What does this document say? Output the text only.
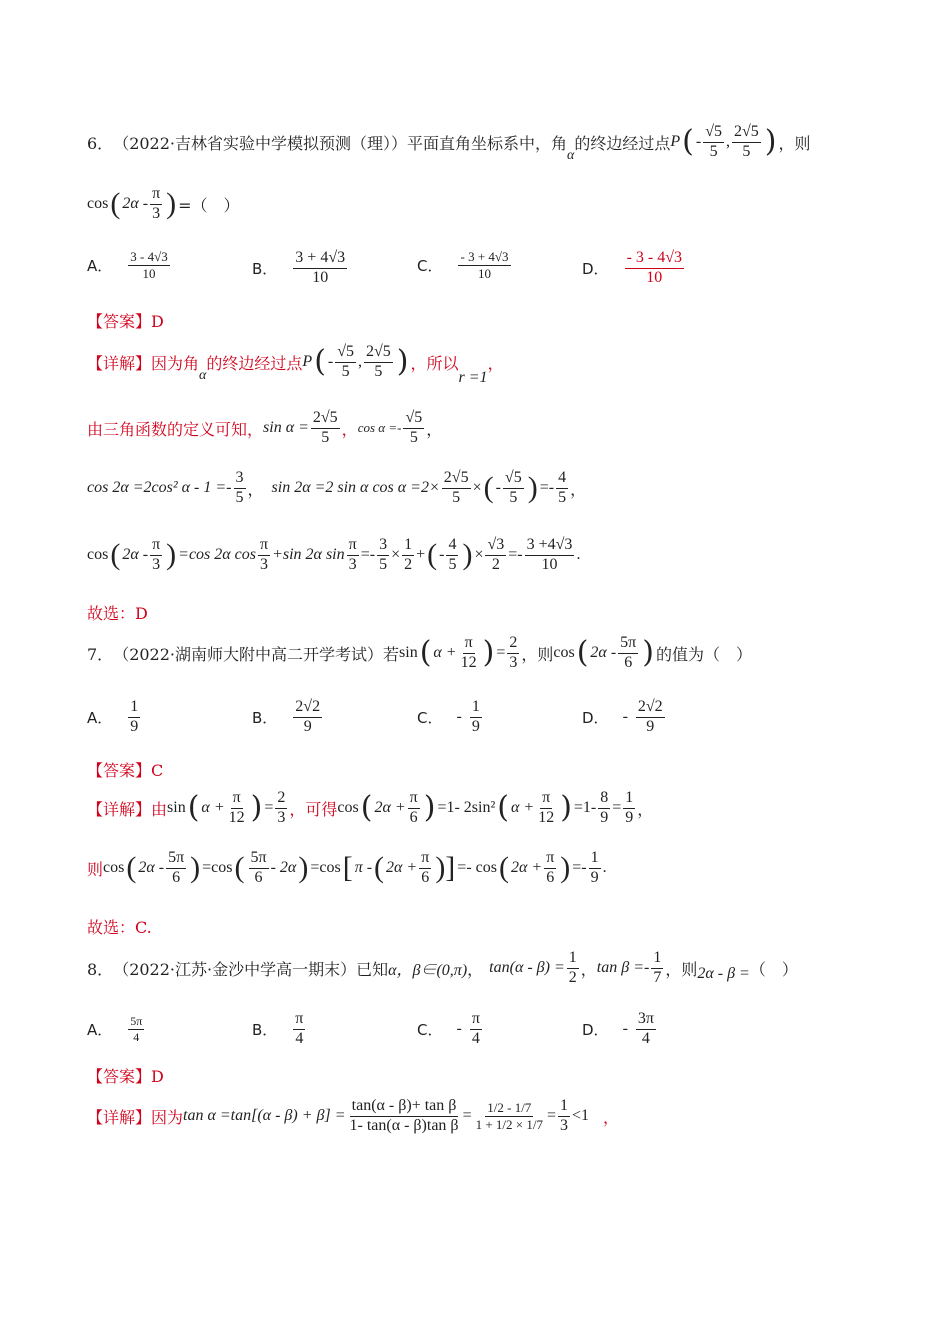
6． （2022·吉林省实验中学模拟预测（理）） 平面直角坐标系中，角
α
的终边经过点 P ( -
√5
5
,
2√5
5 ) ，则
cos ( 2α -
π
3 ) =（　）
A．
3 - 4√3
10	B．
3 + 4√3
10
C．
- 3 + 4√3
10	D．
- 3 - 4√3
10
【答案】D
【详解】 因为角
α
的终边经过点 P ( -
√5
5
,
2√5
5 ) ，所以
r =1
，
由三角函数的定义可知， $\sin \alpha = \frac{2√5}{5}$ ， cos α =-
√5
5 ，
cos 2α =2cos² α - 1 =-
3
5 ， sin 2α =2 sin α $\cos \alpha =2\times \frac{2√5}{5}$ × ( -
√5
5 ) =-
4
5 ，
cos ( 2α -
π
3 ) =cos 2α cos
π
3
+sin 2α $\sin \frac{\pi}{3} =- \frac{3}{5} \times \frac{1}{2}$ + ( -
4
5 ) × $\frac{√3}{2}$ =-
3 +4√3
10
.
故选：D
7． （2022·湖南师大附中高二开学考试） 若 sin ( $\alpha + \frac{\pi}{12}$ ) = $\frac{2}{3}$ ，则 cos ( 2α -
5π
6 ) 的值为（　）
A．
1
9	B．
2√2
9	C． -
1
9	D． -
2√2
9
【答案】C
【详解】 由 sin ( $\alpha + \frac{\pi}{12}$ ) = $\frac{2}{3}$ ，可得 cos ( $2\alpha + \frac{\pi}{6}$ ) =1- 2sin² ( $\alpha + \frac{\pi}{12}$ ) $=1- \frac{8}{9} = \frac{1}{9}$ ，
则 cos ( 2α -
5π
6 ) =cos ( 5π
6
- 2α ) =cos [ π - ( $2\alpha + \frac{\pi}{6}$ )] =- cos ( $2\alpha + \frac{\pi}{6}$ ) =-
1
9
.
故选：C.
8． （2022·江苏·金沙中学高一期末） 已知 α，β∈(0,π) ， $\tan(\alpha - \beta) = \frac{1}{2}$ ， tan β =-
1
7 ，则 2α - β = （　）
A． 5π
4	B．
π
4	C． -
π
4	D． -
3π
4
【答案】D
【详解】 因为 $\tan \alpha =\tan[(\alpha - \beta) + \beta] = \frac{\text{tan(α - β)+ tan β}}{\text{1- tan(α - β)tan β}} = \frac{1/2 - 1/7}{1 + 1/2 \times 1/7} = \frac{1}{3} <1$ ，
